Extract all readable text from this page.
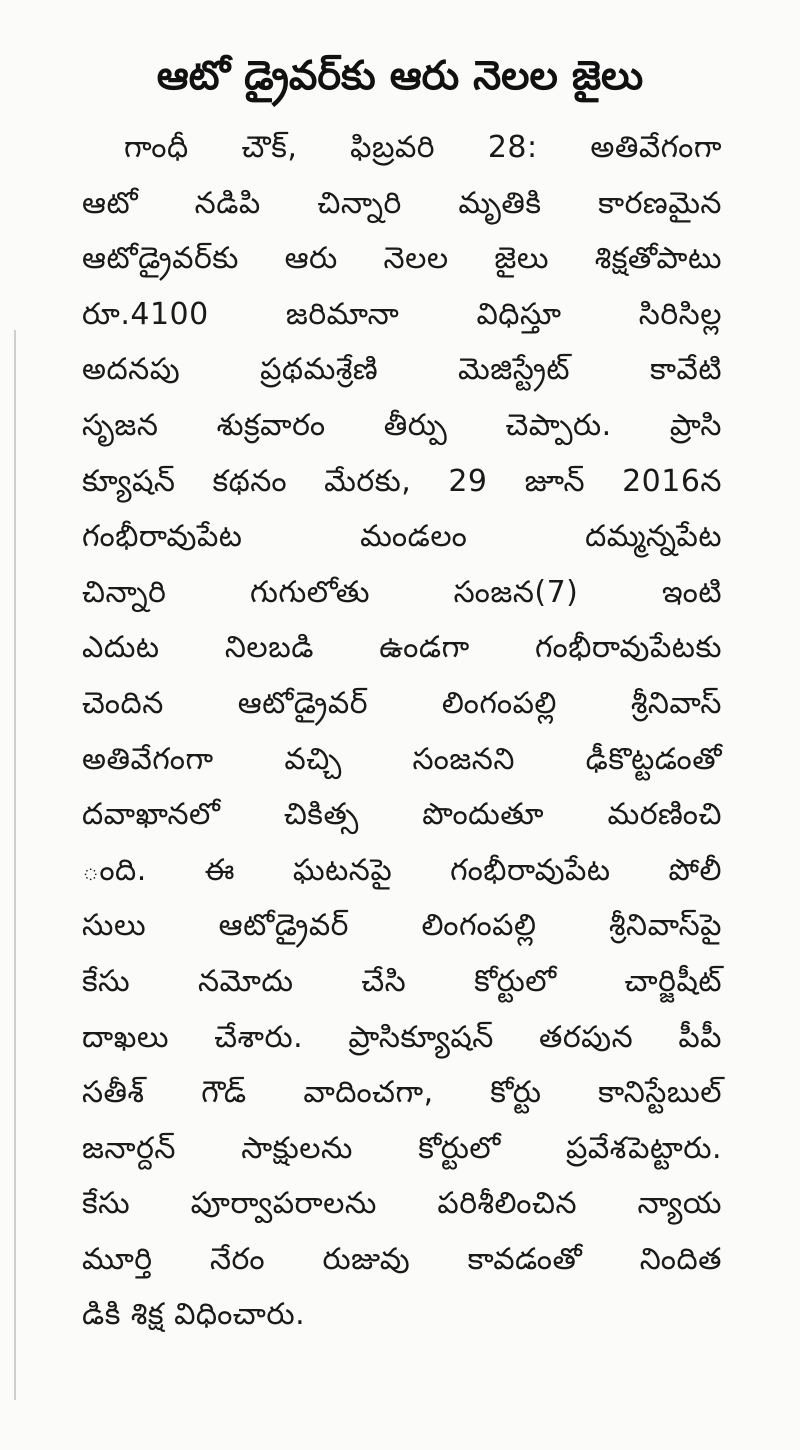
ఆటో డ్రైవర్‌కు ఆరు నెలల జైలు
గాంధీ చౌక్, ఫిబ్రవరి 28: అతివేగంగా
ఆటో నడిపి చిన్నారి మృతికి కారణమైన
ఆటోడ్రైవర్‌కు ఆరు నెలల జైలు శిక్షతోపాటు
రూ.4100 జరిమానా విధిస్తూ సిరిసిల్ల
అదనపు ప్రథమశ్రేణి మెజిస్ట్రేట్ కావేటి
సృజన శుక్రవారం తీర్పు చెప్పారు. ప్రాసి
క్యూషన్ కథనం మేరకు, 29 జూన్ 2016న
గంభీరావుపేట మండలం దమ్మన్నపేట
చిన్నారి గుగులోతు సంజన(7) ఇంటి
ఎదుట నిలబడి ఉండగా గంభీరావుపేటకు
చెందిన ఆటోడ్రైవర్ లింగంపల్లి శ్రీనివాస్
అతివేగంగా వచ్చి సంజనని ఢీకొట్టడంతో
దవాఖానలో చికిత్స పొందుతూ మరణించి
ంది. ఈ ఘటనపై గంభీరావుపేట పోలీ
సులు ఆటోడ్రైవర్ లింగంపల్లి శ్రీనివాస్‌పై
కేసు నమోదు చేసి కోర్టులో చార్జిషీట్
దాఖలు చేశారు. ప్రాసిక్యూషన్ తరపున పీపీ
సతీశ్ గౌడ్ వాదించగా, కోర్టు కానిస్టేబుల్
జనార్దన్ సాక్షులను కోర్టులో ప్రవేశపెట్టారు.
కేసు పూర్వాపరాలను పరిశీలించిన న్యాయ
మూర్తి నేరం రుజువు కావడంతో నిందిత
డికి శిక్ష విధించారు.
